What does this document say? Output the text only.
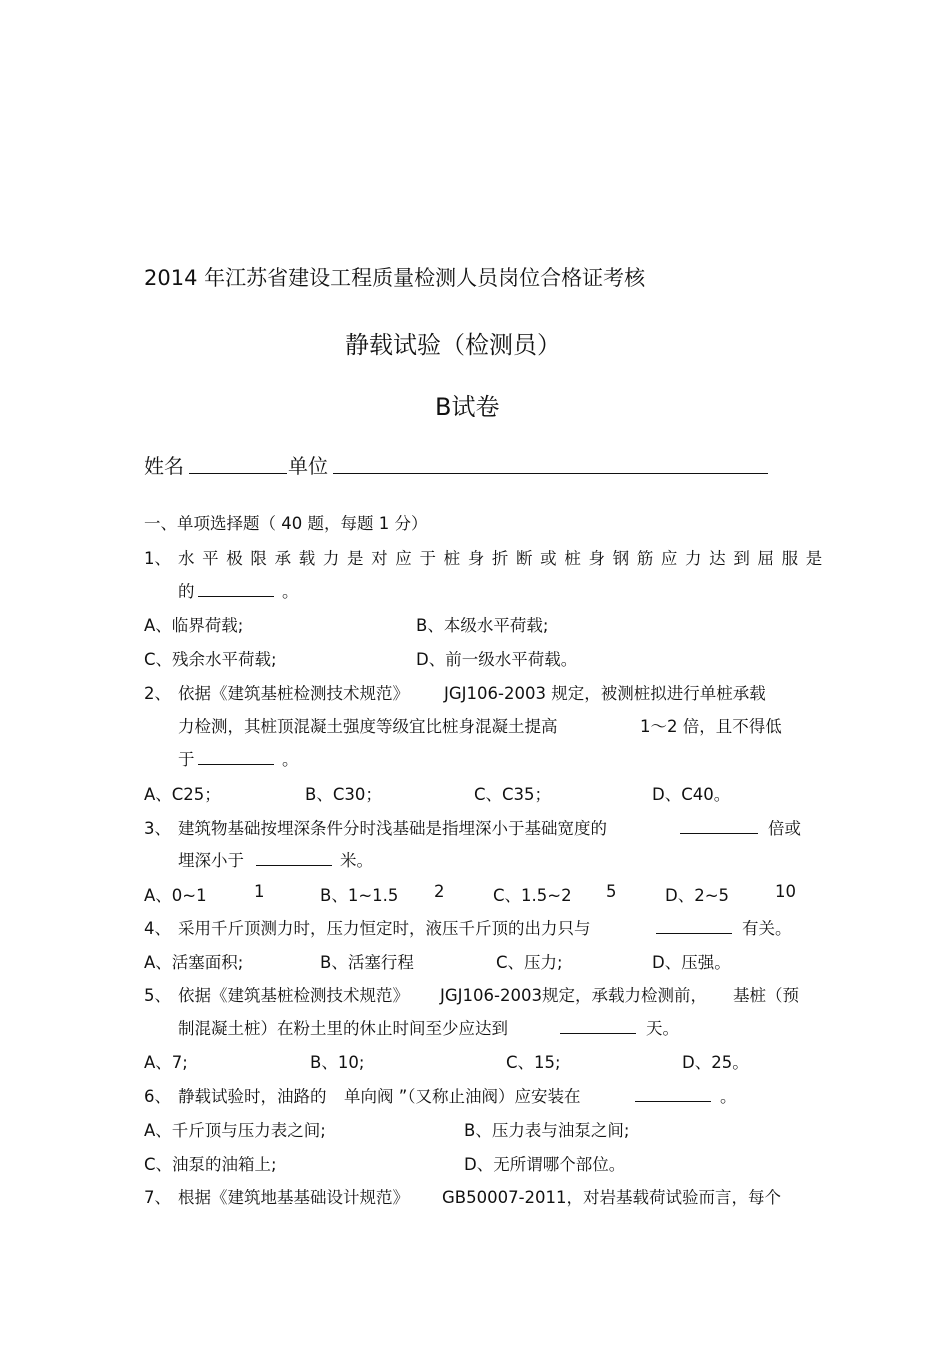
2014 年江苏省建设工程质量检测人员岗位合格证考核
静载试验（检测员）
B试卷
姓名	单位
一、单项选择题（ 40 题，每题 1 分）
1、 水 平 极 限 承 载 力 是 对 应 于 桩 身 折 断 或 桩 身 钢 筋 应 力 达 到 屈 服 是
的	。
A、临界荷载;	B、本级水平荷载;
C、残余水平荷载;	D、前一级水平荷载。
2、 依据《建筑基桩检测技术规范》 JGJ106-2003 规定，被测桩拟进行单桩承载
力检测，其桩顶混凝土强度等级宜比桩身混凝土提高	1～2 倍，且不得低
于	。
A、C25；	B、C30；	C、C35；	D、C40。
3、 建筑物基础按埋深条件分时浅基础是指埋深小于基础宽度的	倍或
埋深小于	米。
A、0~1	1	B、1~1.5 2	C、1.5~2 5	D、2~5	10
4、 采用千斤顶测力时，压力恒定时，液压千斤顶的出力只与	有关。
A、活塞面积;	B、活塞行程	C、压力;	D、压强。
5、 依据《建筑基桩检测技术规范》 JGJ106-2003规定，承载力检测前， 基桩（预
制混凝土桩）在粉土里的休止时间至少应达到	天。
A、7;	B、10;	C、15;	D、25。
6、 静载试验时，油路的 单向阀 ”（又称止油阀）应安装在	。
A、千斤顶与压力表之间;	B、压力表与油泵之间;
C、油泵的油箱上;	D、无所谓哪个部位。
7、 根据《建筑地基基础设计规范》 GB50007-2011，对岩基载荷试验而言，每个
